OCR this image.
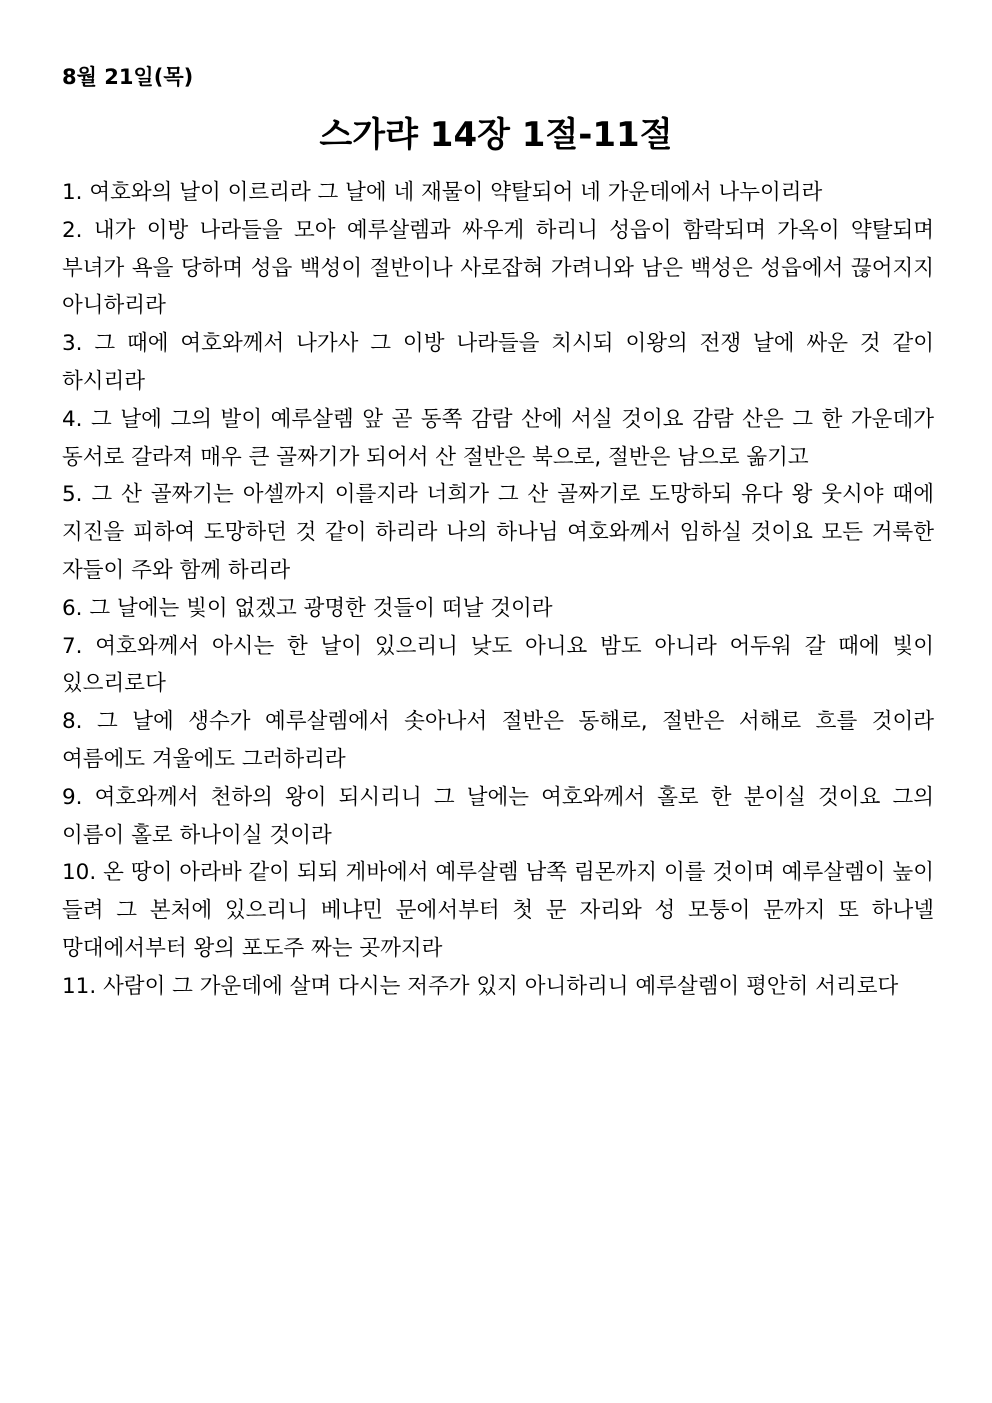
8월 21일(목)
스가랴 14장 1절-11절

1. 여호와의 날이 이르리라 그 날에 네 재물이 약탈되어 네 가운데에서 나누이리라

2. 내가 이방 나라들을 모아 예루살렘과 싸우게 하리니 성읍이 함락되며 가옥이 약탈되며 부녀가 욕을 당하며 성읍 백성이 절반이나 사로잡혀 가려니와 남은 백성은 성읍에서 끊어지지 아니하리라

3. 그 때에 여호와께서 나가사 그 이방 나라들을 치시되 이왕의 전쟁 날에 싸운 것 같이 하시리라

4. 그 날에 그의 발이 예루살렘 앞 곧 동쪽 감람 산에 서실 것이요 감람 산은 그 한 가운데가 동서로 갈라져 매우 큰 골짜기가 되어서 산 절반은 북으로, 절반은 남으로 옮기고

5. 그 산 골짜기는 아셀까지 이를지라 너희가 그 산 골짜기로 도망하되 유다 왕 웃시야 때에 지진을 피하여 도망하던 것 같이 하리라 나의 하나님 여호와께서 임하실 것이요 모든 거룩한 자들이 주와 함께 하리라

6. 그 날에는 빛이 없겠고 광명한 것들이 떠날 것이라

7. 여호와께서 아시는 한 날이 있으리니 낮도 아니요 밤도 아니라 어두워 갈 때에 빛이 있으리로다

8. 그 날에 생수가 예루살렘에서 솟아나서 절반은 동해로, 절반은 서해로 흐를 것이라 여름에도 겨울에도 그러하리라

9. 여호와께서 천하의 왕이 되시리니 그 날에는 여호와께서 홀로 한 분이실 것이요 그의 이름이 홀로 하나이실 것이라

10. 온 땅이 아라바 같이 되되 게바에서 예루살렘 남쪽 림몬까지 이를 것이며 예루살렘이 높이 들려 그 본처에 있으리니 베냐민 문에서부터 첫 문 자리와 성 모퉁이 문까지 또 하나넬 망대에서부터 왕의 포도주 짜는 곳까지라

11. 사람이 그 가운데에 살며 다시는 저주가 있지 아니하리니 예루살렘이 평안히 서리로다
